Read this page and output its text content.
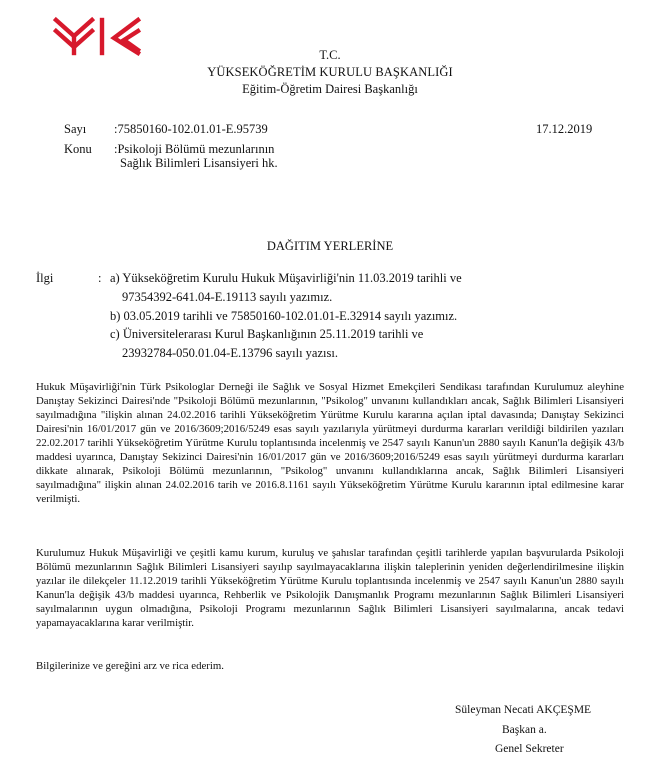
T.C.
YÜKSEKÖĞRETİM KURULU BAŞKANLIĞI
Eğitim-Öğretim Dairesi Başkanlığı
Sayı :75850160-102.01.01-E.95739	17.12.2019
Konu :Psikoloji Bölümü mezunlarının
Sağlık Bilimleri Lisansiyeri hk.
DAĞITIM YERLERİNE
İlgi	: a) Yükseköğretim Kurulu Hukuk Müşavirliği'nin 11.03.2019 tarihli ve
97354392-641.04-E.19113 sayılı yazımız.
b) 03.05.2019 tarihli ve 75850160-102.01.01-E.32914 sayılı yazımız.
c) Üniversitelerarası Kurul Başkanlığının 25.11.2019 tarihli ve
23932784-050.01.04-E.13796 sayılı yazısı.
Hukuk Müşavirliği'nin Türk Psikologlar Derneği ile Sağlık ve Sosyal Hizmet Emekçileri Sendikası tarafından Kurulumuz aleyhine Danıştay Sekizinci Dairesi'nde "Psikoloji Bölümü mezunlarının, "Psikolog" unvanını kullandıkları ancak, Sağlık Bilimleri Lisansiyeri sayılmadığına "ilişkin alınan 24.02.2016 tarihli Yükseköğretim Yürütme Kurulu kararına açılan iptal davasında; Danıştay Sekizinci Dairesi'nin 16/01/2017 gün ve 2016/3609;2016/5249 esas sayılı yazılarıyla yürütmeyi durdurma kararları verildiği bildirilen yazıları 22.02.2017 tarihli Yükseköğretim Yürütme Kurulu toplantısında incelenmiş ve 2547 sayılı Kanun'un 2880 sayılı Kanun'la değişik 43/b maddesi uyarınca, Danıştay Sekizinci Dairesi'nin 16/01/2017 gün ve 2016/3609;2016/5249 esas sayılı yürütmeyi durdurma kararları dikkate alınarak, Psikoloji Bölümü mezunlarının, "Psikolog" unvanını kullandıklarına ancak, Sağlık Bilimleri Lisansiyeri sayılmadığına" ilişkin alınan 24.02.2016 tarih ve 2016.8.1161 sayılı Yükseköğretim Yürütme Kurulu kararının iptal edilmesine karar verilmişti.
Kurulumuz Hukuk Müşavirliği ve çeşitli kamu kurum, kuruluş ve şahıslar tarafından çeşitli tarihlerde yapılan başvurularda Psikoloji Bölümü mezunlarının Sağlık Bilimleri Lisansiyeri sayılıp sayılmayacaklarına ilişkin taleplerinin yeniden değerlendirilmesine ilişkin yazılar ile dilekçeler 11.12.2019 tarihli Yükseköğretim Yürütme Kurulu toplantısında incelenmiş ve 2547 sayılı Kanun'un 2880 sayılı Kanun'la değişik 43/b maddesi uyarınca, Rehberlik ve Psikolojik Danışmanlık Programı mezunlarının Sağlık Bilimleri Lisansiyeri sayılmalarının uygun olmadığına, Psikoloji Programı mezunlarının Sağlık Bilimleri Lisansiyeri sayılmalarına, ancak tedavi yapamayacaklarına karar verilmiştir.
Bilgilerinize ve gereğini arz ve rica ederim.
Süleyman Necati AKÇEŞME
Başkan a.
Genel Sekreter
